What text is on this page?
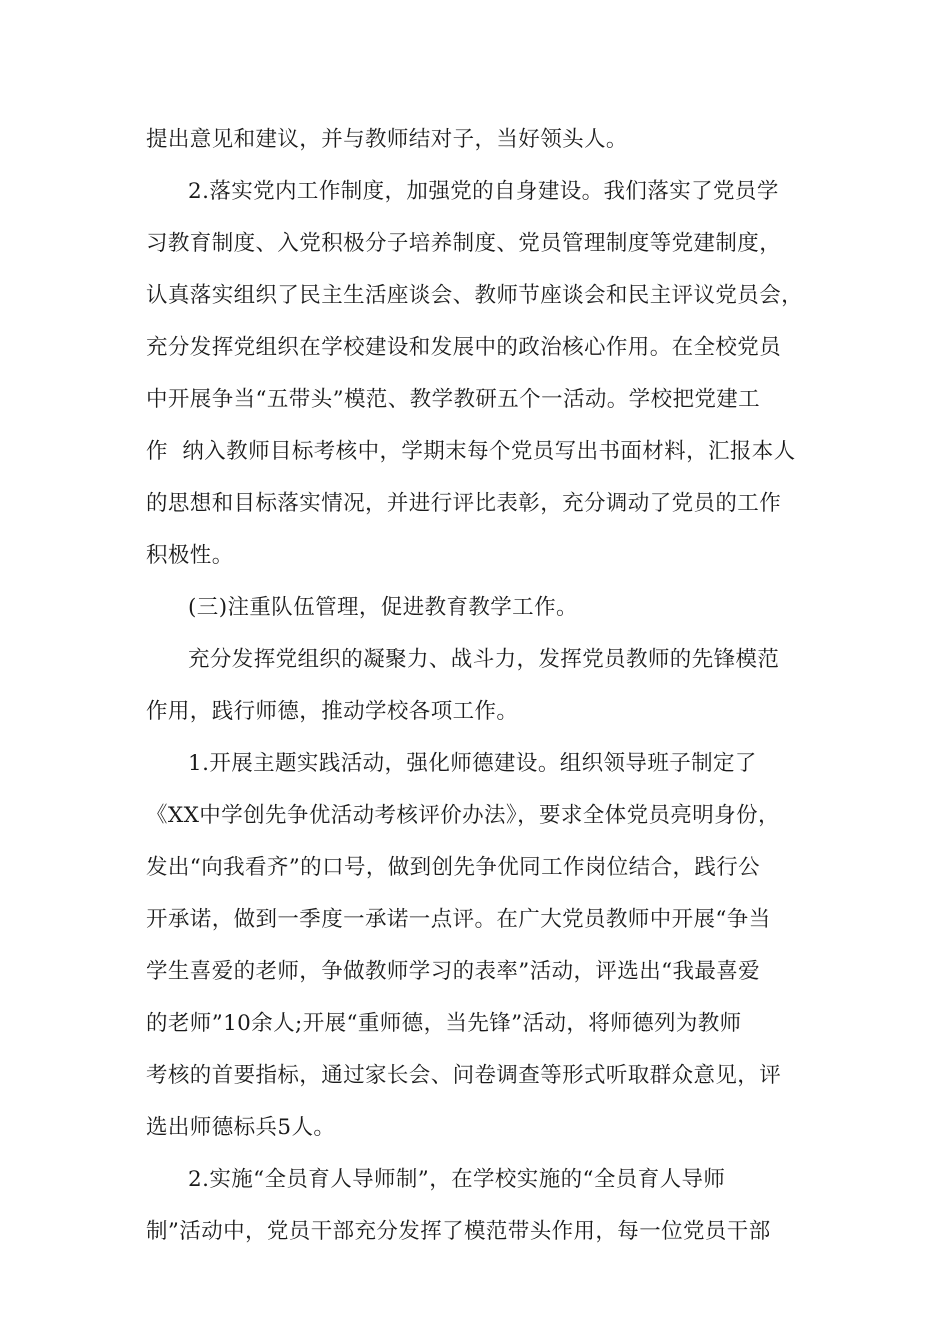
提出意见和建议，并与教师结对子，当好领头人。
2.落实党内工作制度，加强党的自身建设。我们落实了党员学
习教育制度、入党积极分子培养制度、党员管理制度等党建制度，
认真落实组织了民主生活座谈会、教师节座谈会和民主评议党员会，
充分发挥党组织在学校建设和发展中的政治核心作用。在全校党员
中开展争当“五带头”模范、教学教研五个一活动。学校把党建工
作  纳入教师目标考核中，学期末每个党员写出书面材料，汇报本人
的思想和目标落实情况，并进行评比表彰，充分调动了党员的工作
积极性。
(三)注重队伍管理，促进教育教学工作。
充分发挥党组织的凝聚力、战斗力，发挥党员教师的先锋模范
作用，践行师德，推动学校各项工作。
1.开展主题实践活动，强化师德建设。组织领导班子制定了
《XX中学创先争优活动考核评价办法》，要求全体党员亮明身份，
发出“向我看齐”的口号，做到创先争优同工作岗位结合，践行公
开承诺，做到一季度一承诺一点评。在广大党员教师中开展“争当
学生喜爱的老师，争做教师学习的表率”活动，评选出“我最喜爱
的老师”10余人;开展“重师德，当先锋”活动，将师德列为教师
考核的首要指标，通过家长会、问卷调查等形式听取群众意见，评
选出师德标兵5人。
2.实施“全员育人导师制”，在学校实施的“全员育人导师
制”活动中，党员干部充分发挥了模范带头作用，每一位党员干部
